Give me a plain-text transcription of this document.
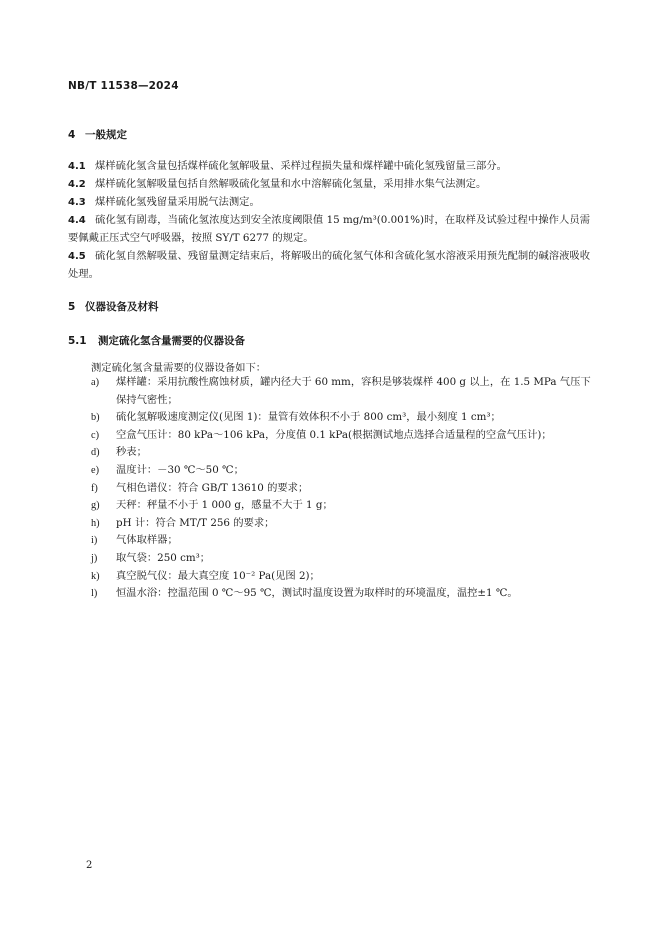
NB/T 11538—2024
4 一般规定
4.1 煤样硫化氢含量包括煤样硫化氢解吸量、采样过程损失量和煤样罐中硫化氢残留量三部分。
4.2 煤样硫化氢解吸量包括自然解吸硫化氢量和水中溶解硫化氢量，采用排水集气法测定。
4.3 煤样硫化氢残留量采用脱气法测定。
4.4 硫化氢有剧毒，当硫化氢浓度达到安全浓度阈限值 15 mg/m³(0.001%)时，在取样及试验过程中操作人员需要佩戴正压式空气呼吸器，按照 SY/T 6277 的规定。
4.5 硫化氢自然解吸量、残留量测定结束后，将解吸出的硫化氢气体和含硫化氢水溶液采用预先配制的碱溶液吸收处理。
5 仪器设备及材料
5.1 测定硫化氢含量需要的仪器设备
测定硫化氢含量需要的仪器设备如下：
a) 煤样罐：采用抗酸性腐蚀材质，罐内径大于 60 mm，容积是够装煤样 400 g 以上，在 1.5 MPa 气压下保持气密性；
b) 硫化氢解吸速度测定仪(见图 1)：量管有效体积不小于 800 cm³，最小刻度 1 cm³；
c) 空盒气压计：80 kPa～106 kPa，分度值 0.1 kPa(根据测试地点选择合适量程的空盒气压计)；
d) 秒表；
e) 温度计：－30 ℃～50 ℃；
f) 气相色谱仪：符合 GB/T 13610 的要求；
g) 天秤：秤量不小于 1 000 g，感量不大于 1 g；
h) pH 计：符合 MT/T 256 的要求；
i) 气体取样器；
j) 取气袋：250 cm³；
k) 真空脱气仪：最大真空度 10⁻² Pa(见图 2)；
l) 恒温水浴：控温范围 0 ℃～95 ℃，测试时温度设置为取样时的环境温度，温控±1 ℃。
2
